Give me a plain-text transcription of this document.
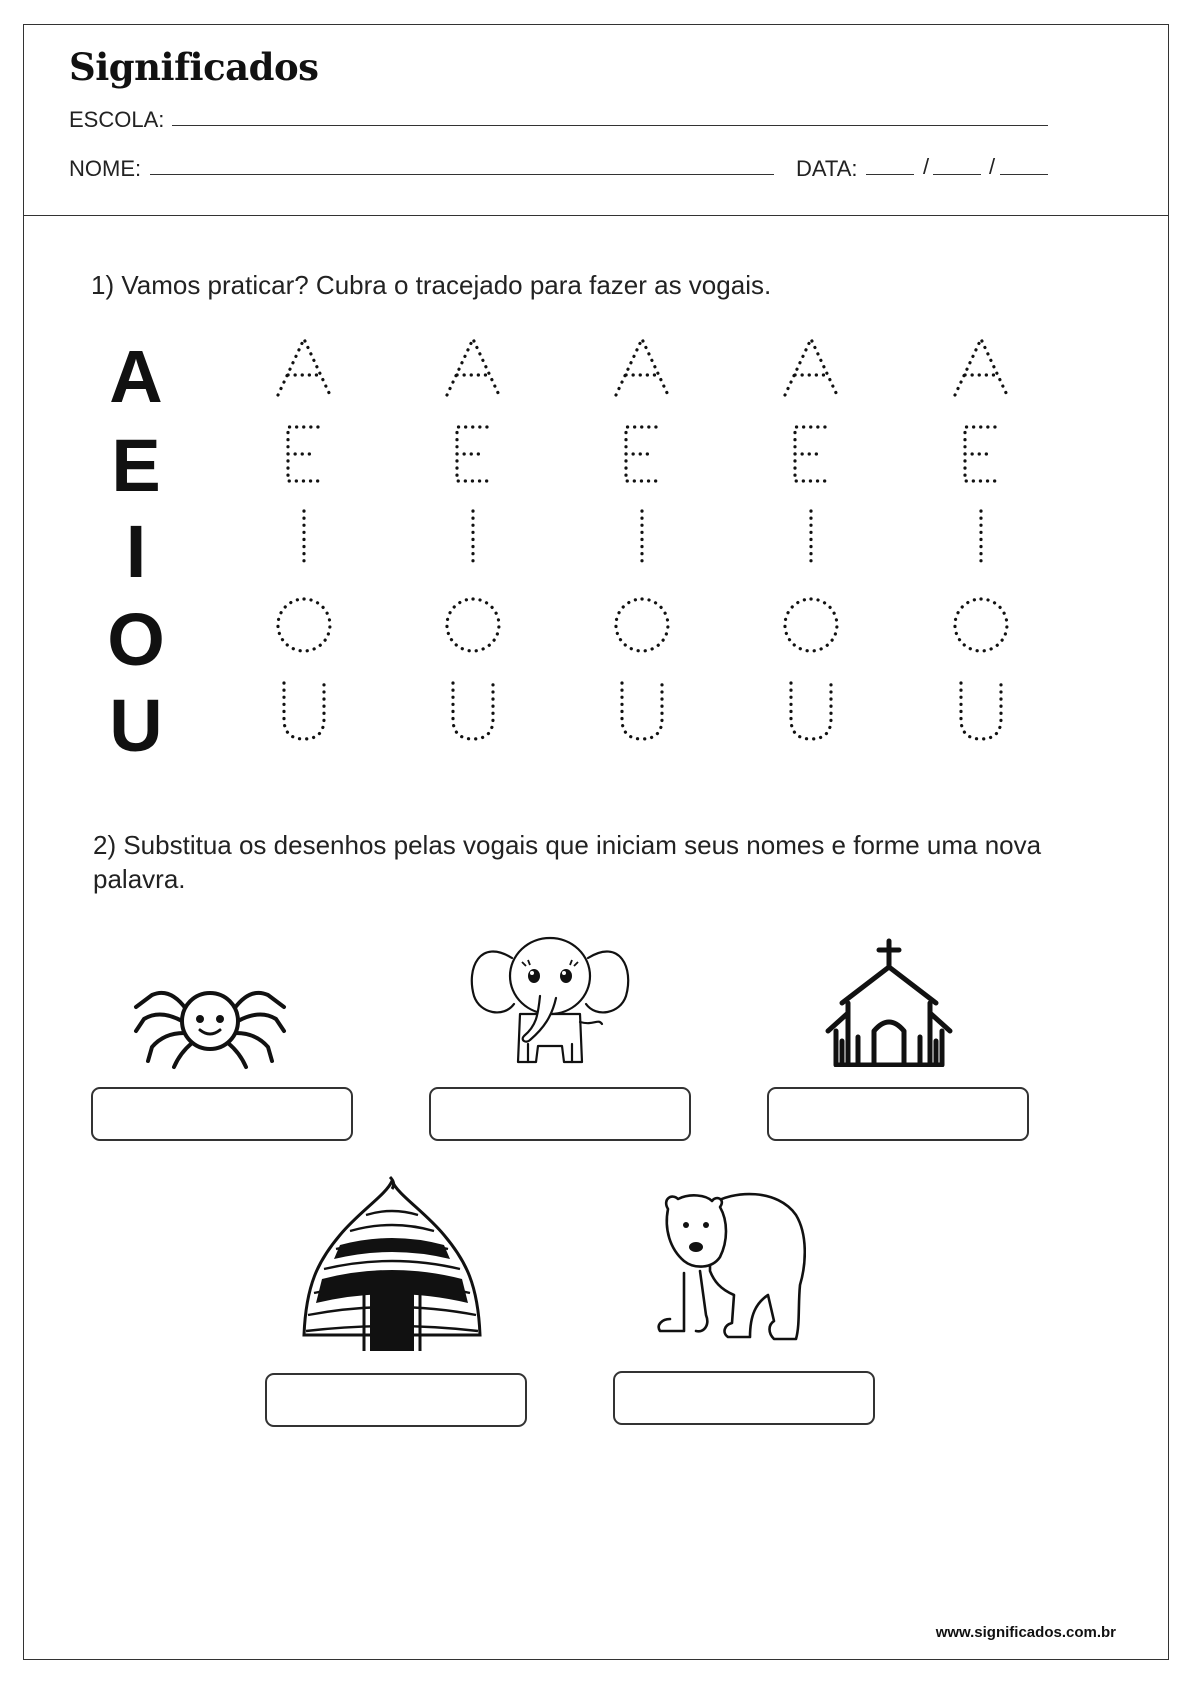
Significados
ESCOLA:
NOME:	DATA:	/	/
1) Vamos praticar? Cubra o tracejado para fazer as vogais.
A
E
I
O
U
2) Substitua os desenhos pelas vogais que iniciam seus nomes e forme uma nova palavra.
www.significados.com.br
